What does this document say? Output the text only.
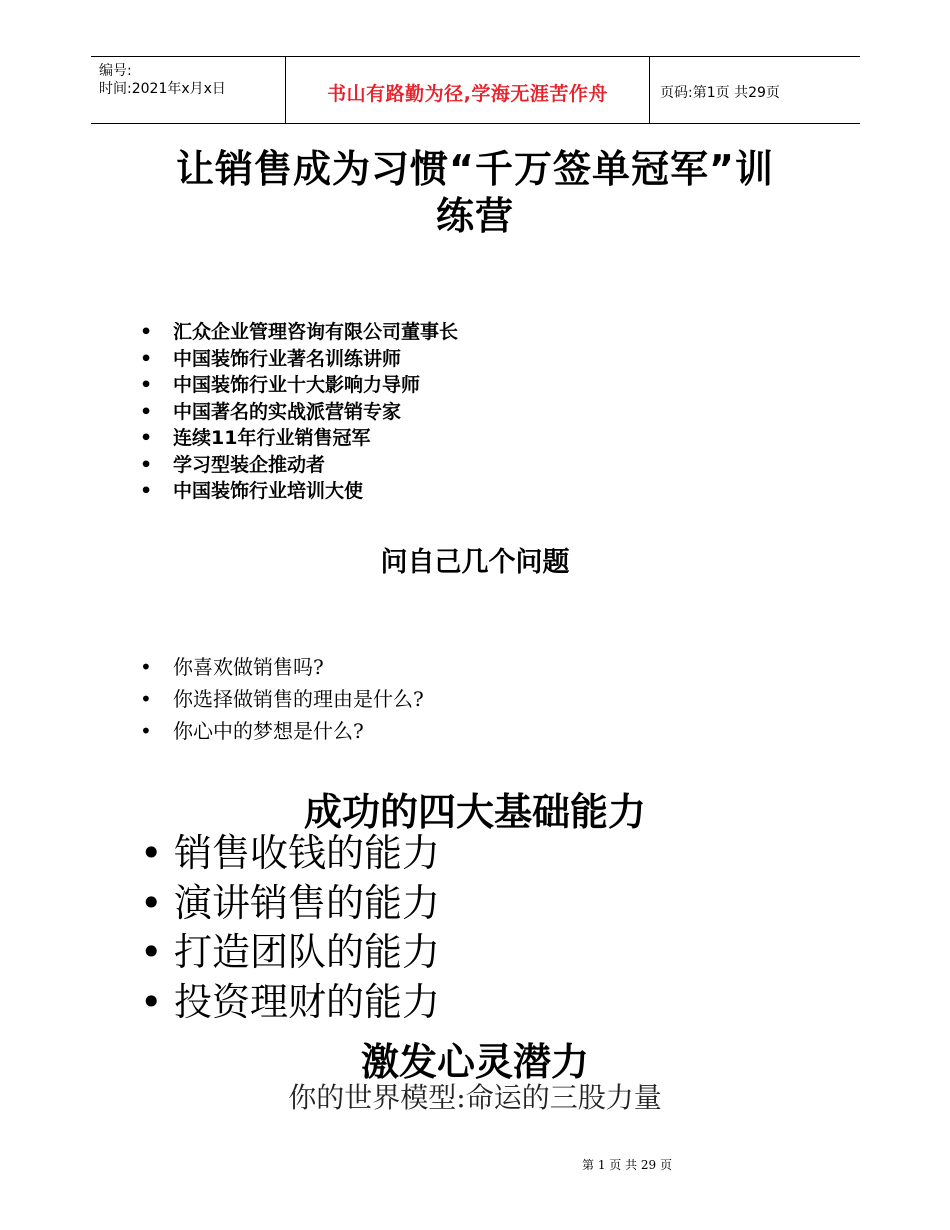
编号:
时间:2021年x月x日	书山有路勤为径,学海无涯苦作舟	页码:第1页 共29页
让销售成为习惯“千万签单冠军”训
练营
• 汇众企业管理咨询有限公司董事长
• 中国装饰行业著名训练讲师
• 中国装饰行业十大影响力导师
• 中国著名的实战派营销专家
• 连续11年行业销售冠军
• 学习型装企推动者
• 中国装饰行业培训大使
问自己几个问题
• 你喜欢做销售吗?
• 你选择做销售的理由是什么?
• 你心中的梦想是什么?
成功的四大基础能力
• 销售收钱的能力
• 演讲销售的能力
• 打造团队的能力
• 投资理财的能力
激发心灵潜力
你的世界模型:命运的三股力量
第 1 页 共 29 页
